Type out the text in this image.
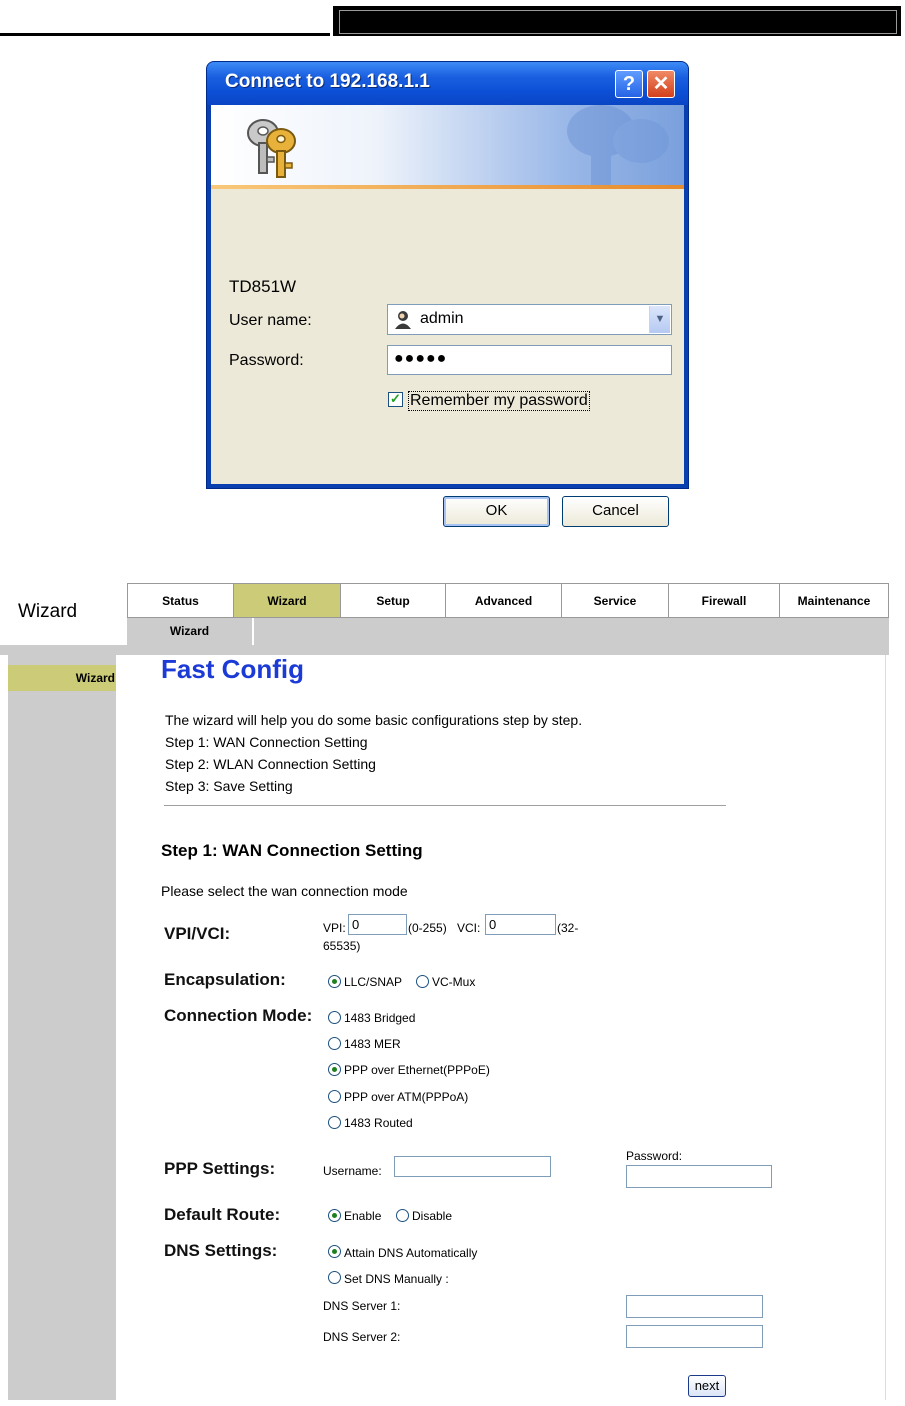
Connect to 192.168.1.1	? ✕
TD851W
User name:	admin	▼
Password:	●●●●●
✓ Remember my password
OK	Cancel
Wizard	Status	Wizard	Setup	Advanced	Service	Firewall	Maintenance
Wizard
Wizard Fast Config
The wizard will help you do some basic configurations step by step.
Step 1: WAN Connection Setting
Step 2: WLAN Connection Setting
Step 3: Save Setting
Step 1: WAN Connection Setting
Please select the wan connection mode
VPI/VCI:	VPI: 0	(0-255) VCI: 0	(32-
65535)
Encapsulation:	LLC/SNAP VC-Mux
Connection Mode:	1483 Bridged
1483 MER
PPP over Ethernet(PPPoE)
PPP over ATM(PPPoA)
1483 Routed
PPP Settings:	Username:
Password:
Default Route:	Enable	Disable
DNS Settings:	Attain DNS Automatically
Set DNS Manually :
DNS Server 1:
DNS Server 2:
next
